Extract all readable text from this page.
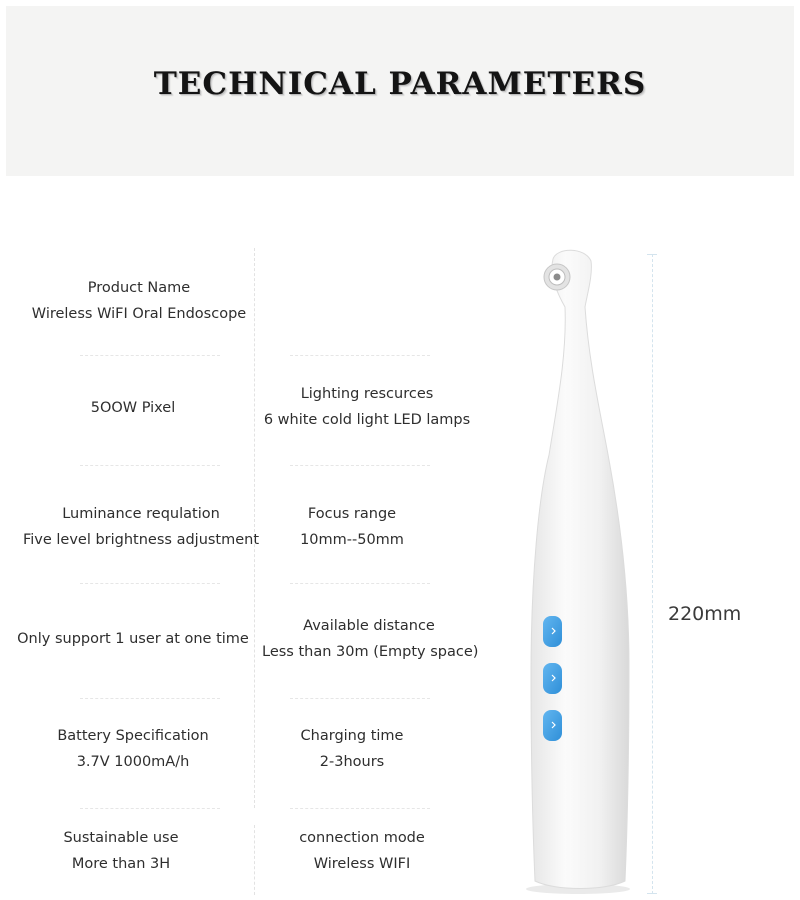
TECHNICAL PARAMETERS
Product Name
Wireless WiFI Oral Endoscope
5OOW Pixel
Lighting rescurces
6 white cold light LED lamps
Luminance requlation
Five level brightness adjustment
Focus range
10mm--50mm
Only support 1 user at one time
Available distance
Less than 30m (Empty space)
Battery Specification
3.7V 1000mA/h
Charging time
2-3hours
Sustainable use
More than 3H
connection mode
Wireless WIFI
220mm
